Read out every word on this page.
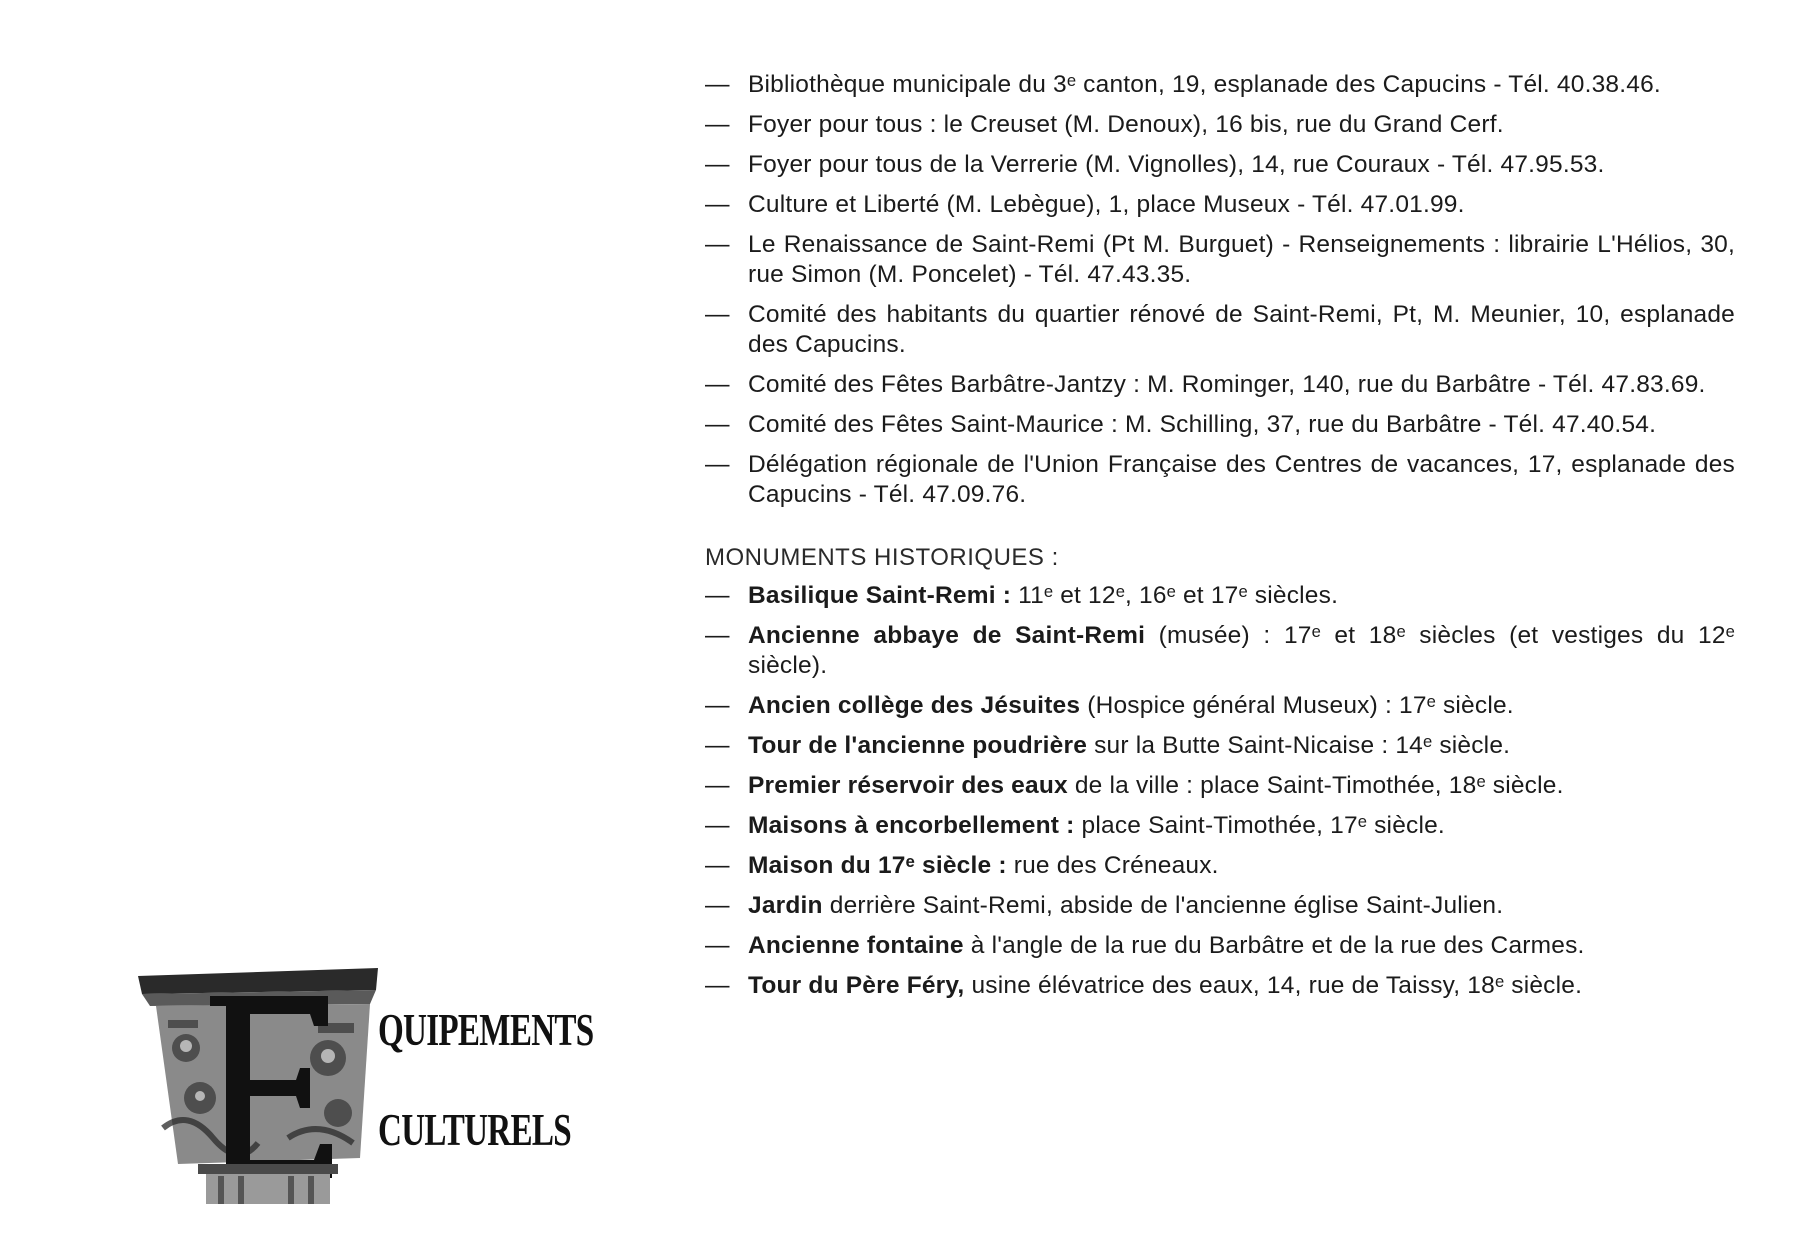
QUIPEMENTS
CULTURELS
— Bibliothèque municipale du 3ᵉ canton, 19, esplanade des Capucins - Tél. 40.38.46.
— Foyer pour tous : le Creuset (M. Denoux), 16 bis, rue du Grand Cerf.
— Foyer pour tous de la Verrerie (M. Vignolles), 14, rue Couraux - Tél. 47.95.53.
— Culture et Liberté (M. Lebègue), 1, place Museux - Tél. 47.01.99.
— Le Renaissance de Saint-Remi (Pt M. Burguet) - Renseignements : librairie L'Hélios, 30, rue Simon (M. Poncelet) - Tél. 47.43.35.
— Comité des habitants du quartier rénové de Saint-Remi, Pt, M. Meunier, 10, esplanade des Capucins.
— Comité des Fêtes Barbâtre-Jantzy : M. Rominger, 140, rue du Barbâtre - Tél. 47.83.69.
— Comité des Fêtes Saint-Maurice : M. Schilling, 37, rue du Barbâtre - Tél. 47.40.54.
— Délégation régionale de l'Union Française des Centres de vacances, 17, esplanade des Capucins - Tél. 47.09.76.
MONUMENTS HISTORIQUES :
— Basilique Saint-Remi : 11ᵉ et 12ᵉ, 16ᵉ et 17ᵉ siècles.
— Ancienne abbaye de Saint-Remi (musée) : 17ᵉ et 18ᵉ siècles (et vestiges du 12ᵉ siècle).
— Ancien collège des Jésuites (Hospice général Museux) : 17ᵉ siècle.
— Tour de l'ancienne poudrière sur la Butte Saint-Nicaise : 14ᵉ siècle.
— Premier réservoir des eaux de la ville : place Saint-Timothée, 18ᵉ siècle.
— Maisons à encorbellement : place Saint-Timothée, 17ᵉ siècle.
— Maison du 17ᵉ siècle : rue des Créneaux.
— Jardin derrière Saint-Remi, abside de l'ancienne église Saint-Julien.
— Ancienne fontaine à l'angle de la rue du Barbâtre et de la rue des Carmes.
— Tour du Père Féry, usine élévatrice des eaux, 14, rue de Taissy, 18ᵉ siècle.
